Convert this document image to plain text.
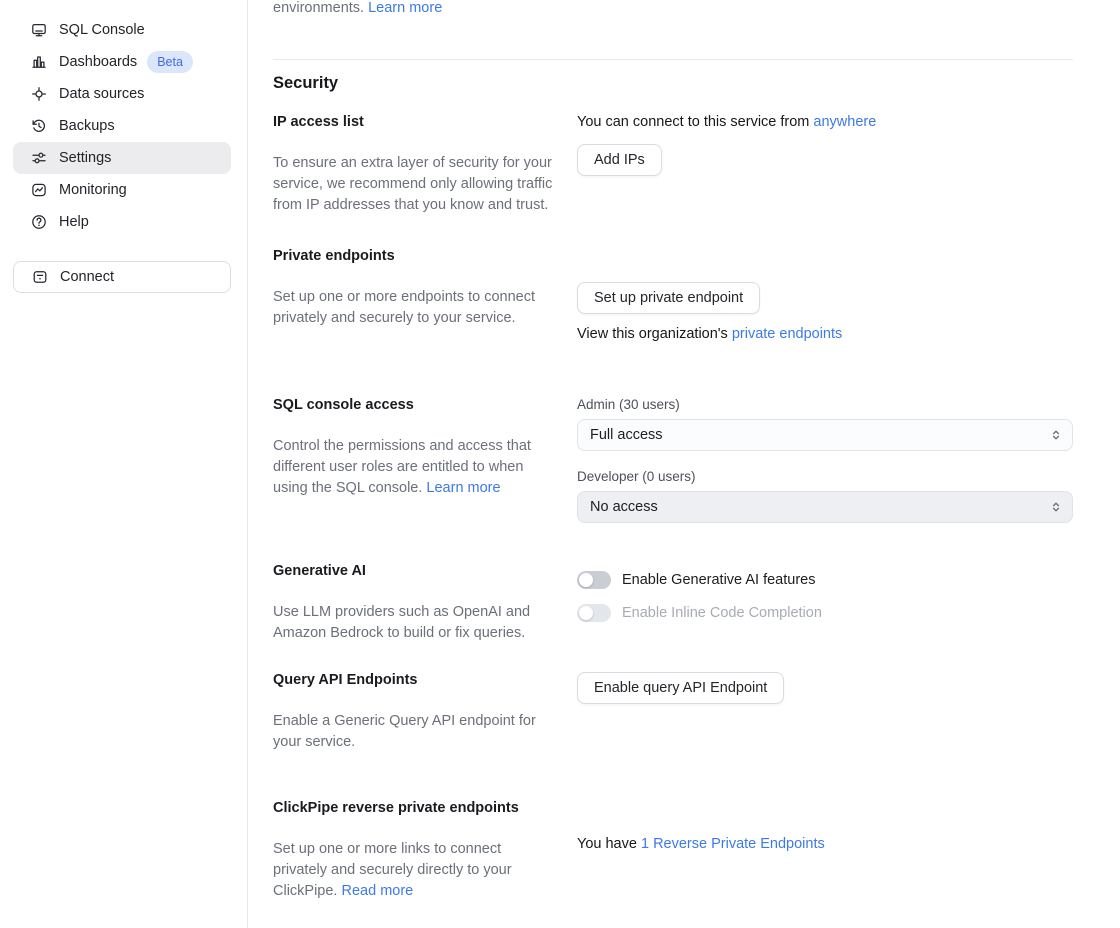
SQL Console
Dashboards	Beta
Data sources
Backups
Settings
Monitoring
Help
Connect

environments. Learn more

Security
IP access list

To ensure an extra layer of security for your service, we recommend only allowing traffic from IP addresses that you know and trust.

You can connect to this service from anywhere
Add IPs
Private endpoints

Set up one or more endpoints to connect privately and securely to your service.

Set up private endpoint
View this organization's private endpoints
SQL console access

Control the permissions and access that different user roles are entitled to when using the SQL console. Learn more

Admin (30 users)
Full access
Developer (0 users)
No access
Generative AI

Use LLM providers such as OpenAI and Amazon Bedrock to build or fix queries.

Enable Generative AI features
Enable Inline Code Completion
Query API Endpoints

Enable a Generic Query API endpoint for your service.

Enable query API Endpoint
ClickPipe reverse private endpoints

Set up one or more links to connect privately and securely directly to your ClickPipe. Read more

You have 1 Reverse Private Endpoints
